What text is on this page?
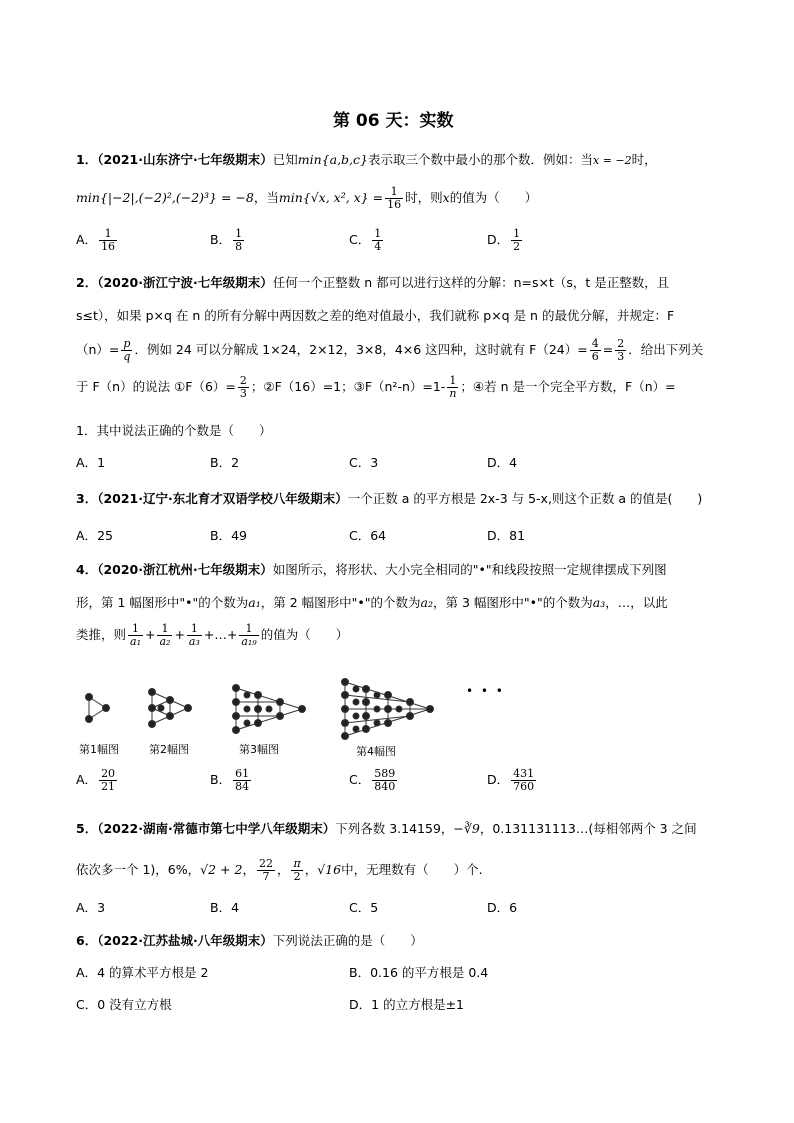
第 06 天：实数
1．（2021·山东济宁·七年级期末）已知min{a,b,c}表示取三个数中最小的那个数．例如：当x = −2时，
min{|−2|,(−2)²,(−2)³} = −8，当min{√x, x², $x\} = \frac{1}{16}$ 时，则x的值为（　　）
A． $\frac{1}{16}$	B． $\frac{1}{8}$	C． $\frac{1}{4}$	D． $\frac{1}{2}$
2．（2020·浙江宁波·七年级期末）任何一个正整数 n 都可以进行这样的分解：n=s×t（s，t 是正整数，且
s≤t），如果 p×q 在 n 的所有分解中两因数之差的绝对值最小，我们就称 p×q 是 n 的最优分解，并规定：F
$(n)= \frac{p}{q}$ ．例如 24 可以分解成 1×24，2×12，3×8，4×6 这四种，这时就有 $F(24)= \frac{4}{6} = \frac{2}{3}$ ．给出下列关
于 F（n）的说法 ①F（6）= $\frac{2}{3}$ ；②F（16）=1；③F（n²-n）=1- $\frac{1}{n}$ ；④若 n 是一个完全平方数，F（n）=
1．其中说法正确的个数是（　　）
A．1	B．2	C．3	D．4
3．（2021·辽宁·东北育才双语学校八年级期末）一个正数 a 的平方根是 2x-3 与 5-x,则这个正数 a 的值是(　　)
A．25	B．49	C．64	D．81
4．（2020·浙江杭州·七年级期末）如图所示，将形状、大小完全相同的"•"和线段按照一定规律摆成下列图
形，第 1 幅图形中"•"的个数为a₁，第 2 幅图形中"•"的个数为a₂，第 3 幅图形中"•"的个数为a₃，…，以此
类推，则 $\frac{1}{\text{a₁}} + \frac{1}{\text{a₂}} + \frac{1}{\text{a₃}}$ +…+ $\frac{1}{\text{a₁₉}}$ 的值为（　　）
• • •
第1幅图	第2幅图	第3幅图	第4幅图
A． $\frac{20}{21}$	B． $\frac{61}{84}$	C． $\frac{589}{840}$	D． $\frac{431}{760}$
5．（2022·湖南·常德市第七中学八年级期末）下列各数 3.14159，−∛9，0.131131113…(每相邻两个 3 之间
依次多一个 1)，6%，√2 + 2， $\frac{22}{7}$ ， $\frac{\pi}{2}$ ，√16中，无理数有（　　）个.
A．3	B．4	C．5	D．6
6．（2022·江苏盐城·八年级期末）下列说法正确的是（　　）
A．4 的算术平方根是 2	B．0.16 的平方根是 0.4
C．0 没有立方根	D．1 的立方根是±1
